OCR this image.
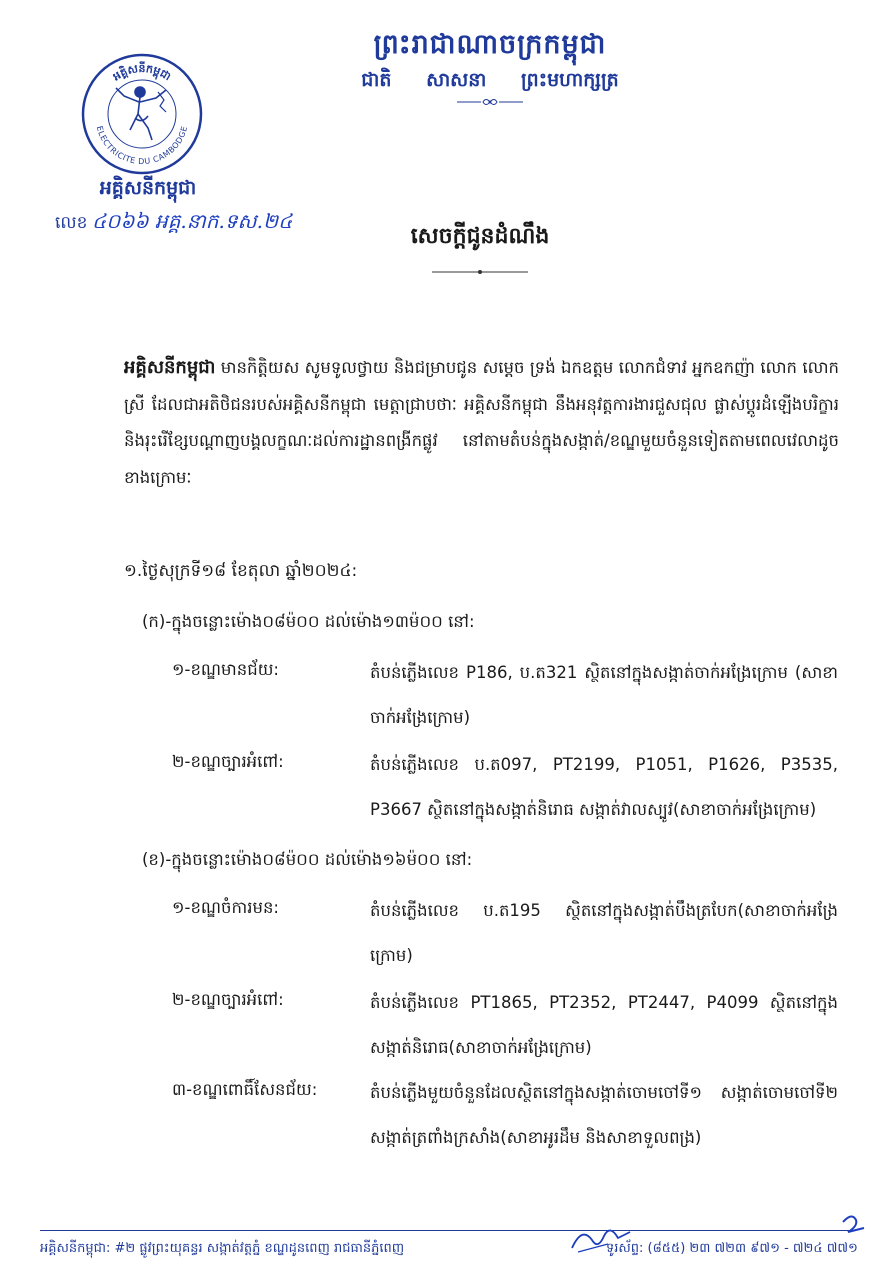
ព្រះរាជាណាចក្រកម្ពុជា
ជាតិ សាសនា ព្រះមហាក្សត្រ
អគ្គិសនីកម្ពុជា
ELECTRICITE DU CAMBODGE
អគ្គិសនីកម្ពុជា
លេខ ៤០៦៦ អគ្គ.នាក.ទស.២៤
សេចក្តីជូនដំណឹង
អគ្គិសនីកម្ពុជា មានកិត្តិយស សូមទូលថ្វាយ និងជម្រាបជូន សម្តេច ទ្រង់ ឯកឧត្តម លោកជំទាវ អ្នកឧកញ៉ា លោក លោកស្រី ដែលជាអតិថិជនរបស់អគ្គិសនីកម្ពុជា មេត្តាជ្រាបថាៈ អគ្គិសនីកម្ពុជា នឹងអនុវត្តការងារជួសជុល ផ្លាស់ប្តូរដំឡើងបរិក្ខារ និងរុះរើខ្សែបណ្តាញបង្គលក្ខណៈដល់ការដ្ឋានពង្រីកផ្លូវ នៅតាមតំបន់ក្នុងសង្កាត់/ខណ្ឌមួយចំនួនទៀតតាមពេលវេលាដូចខាងក្រោមៈ
១.ថ្ងៃសុក្រទី១៨ ខែតុលា ឆ្នាំ២០២៤:
(ក)-ក្នុងចន្លោះម៉ោង០៨ម៉០០ ដល់ម៉ោង១៣ម៉០០ នៅ:
១-ខណ្ឌមានជ័យ:	តំបន់ភ្លើងលេខ P186, ប.ត321 ស្ថិតនៅក្នុងសង្កាត់ចាក់អង្រែក្រោម (សាខាចាក់អង្រែក្រោម)
២-ខណ្ឌច្បារអំពៅ:	តំបន់ភ្លើងលេខ ប.ត097, PT2199, P1051, P1626, P3535, P3667 ស្ថិតនៅក្នុងសង្កាត់និរោធ សង្កាត់វាលស្បូវ(សាខាចាក់អង្រែក្រោម)
(ខ)-ក្នុងចន្លោះម៉ោង០៨ម៉០០ ដល់ម៉ោង១៦ម៉០០ នៅ:
១-ខណ្ឌចំការមន:	តំបន់ភ្លើងលេខ ប.ត195 ស្ថិតនៅក្នុងសង្កាត់បឹងត្របែក(សាខាចាក់អង្រែក្រោម)
២-ខណ្ឌច្បារអំពៅ:	តំបន់ភ្លើងលេខ PT1865, PT2352, PT2447, P4099 ស្ថិតនៅក្នុងសង្កាត់និរោធ(សាខាចាក់អង្រែក្រោម)
៣-ខណ្ឌពោធិ៍សែនជ័យ:	តំបន់ភ្លើងមួយចំនួនដែលស្ថិតនៅក្នុងសង្កាត់ចោមចៅទី១ សង្កាត់ចោមចៅទី២ សង្កាត់ត្រពាំងក្រសាំង(សាខាអូរដឹម និងសាខាទួលពង្រ)
អគ្គិសនីកម្ពុជា: #២ ផ្លូវព្រះយុគន្ធរ សង្កាត់វត្តភ្នំ ខណ្ឌដូនពេញ រាជធានីភ្នំពេញ	ទូរស័ព្ទ: (៨៥៥) ២៣ ៧២៣ ៩៧១ - ៧២៤ ៧៧១
